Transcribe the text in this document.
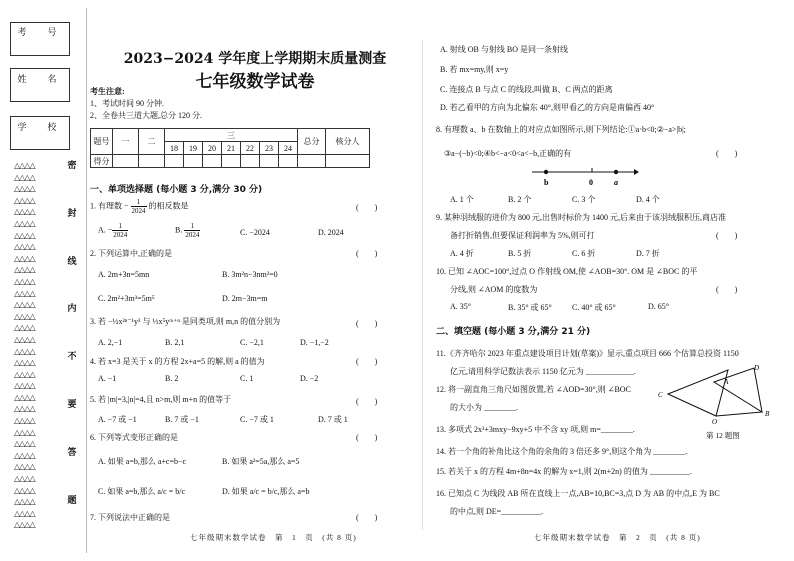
考　号
姓　名
学　校
△△△△
△△△△
△△△△
△△△△
△△△△
△△△△
△△△△
△△△△
△△△△
△△△△
△△△△
△△△△
△△△△
△△△△
△△△△
△△△△
△△△△
△△△△
△△△△
△△△△
△△△△
△△△△
△△△△
△△△△
△△△△
△△△△
△△△△
△△△△
△△△△
△△△△
△△△△
△△△△
密
封
线
内
不
要
答
题
2023−2024 学年度上学期期末质量测查
七年级数学试卷
考生注意:
1、考试时间 90 分钟.
2、全卷共三道大题,总分 120 分.
题号	一	二	三							总分	核分人
			18	19	20	21	22	23	24		
得分											
一、单项选择题 (每小题 3 分,满分 30 分)
1. 有理数 − $\frac{1}{2024}$ 的相反数是	(　　)
A. − $\frac{1}{2024}$	B. $\frac{1}{2024}$	C. −2024	D. 2024
2. 下列运算中,正确的是	(　　)
A. 2m+3n=5mn	B. 3m²n−3nm²=0
C. 2m²+3m³=5m⁵	D. 2m−3m=m
3. 若 −½x²ⁿ⁻¹y³ 与 ⅓x⁵yᵐ⁺ⁿ 是同类项,则 m,n 的值分别为	(　　)
A. 2,−1	B. 2,1	C. −2,1	D. −1,−2
4. 若 x=3 是关于 x 的方程 2x+a=5 的解,则 a 的值为	(　　)
A. −1	B. 2	C. 1	D. −2
5. 若 |m|=3,|n|=4,且 n>m,则 m+n 的值等于	(　　)
A. −7 或 −1	B. 7 或 −1	C. −7 或 1	D. 7 或 1
6. 下列等式变形正确的是	(　　)
A. 如果 a=b,那么 a+c=b−c	B. 如果 a²=5a,那么 a=5
C. 如果 a=b,那么 a/c = b/c	D. 如果 a/c = b/c,那么 a=b
7. 下列说法中正确的是	(　　)
七年级期末数学试卷　第　1　页　(共 8 页)
A. 射线 OB 与射线 BO 是同一条射线
B. 若 mx=my,则 x=y
C. 连接点 B 与点 C 的线段,叫做 B、C 两点的距离
D. 若乙看甲的方向为北偏东 40°,则甲看乙的方向是南偏西 40°
8. 有理数 a、b 在数轴上的对应点如图所示,则下列结论:①a·b<0;②−a>|b|;
③a−(−b)<0;④b<−a<0<a<−b,正确的有	(　　)
b	0	a
A. 1 个	B. 2 个	C. 3 个	D. 4 个
9. 某种羽绒服的进价为 800 元,出售时标价为 1400 元,后来由于该羽绒服积压,商店准
备打折销售,但要保证利润率为 5%,则可打	(　　)
A. 4 折	B. 5 折	C. 6 折	D. 7 折
10. 已知 ∠AOC=100°,过点 O 作射线 OM,使 ∠AOB=30°. OM 是 ∠BOC 的平
分线,则 ∠AOM 的度数为	(　　)
A. 35°	B. 35° 或 65°	C. 40° 或 65°	D. 65°
二、填空题 (每小题 3 分,满分 21 分)
11.《齐齐哈尔 2023 年重点建设项目计划(草案)》显示,重点项目 666 个估算总投资 1150
亿元,请用科学记数法表示 1150 亿元为 ____________.
12. 将一副直角三角尺如图放置,若 ∠AOD=30°,则 ∠BOC
的大小为 ________.
A
D
C
O
B
第 12 题图
13. 多项式 2x³+3mxy−9xy+5 中不含 xy 项,则 m=________.
14. 若一个角的补角比这个角的余角的 3 倍还多 9°,则这个角为 ________.
15. 若关于 x 的方程 4m+8n=4x 的解为 x=1,则 2(m+2n) 的值为 __________.
16. 已知点 C 为线段 AB 所在直线上一点,AB=10,BC=3,点 D 为 AB 的中点,E 为 BC
的中点,则 DE=__________.
七年级期末数学试卷　第　2　页　(共 8 页)
